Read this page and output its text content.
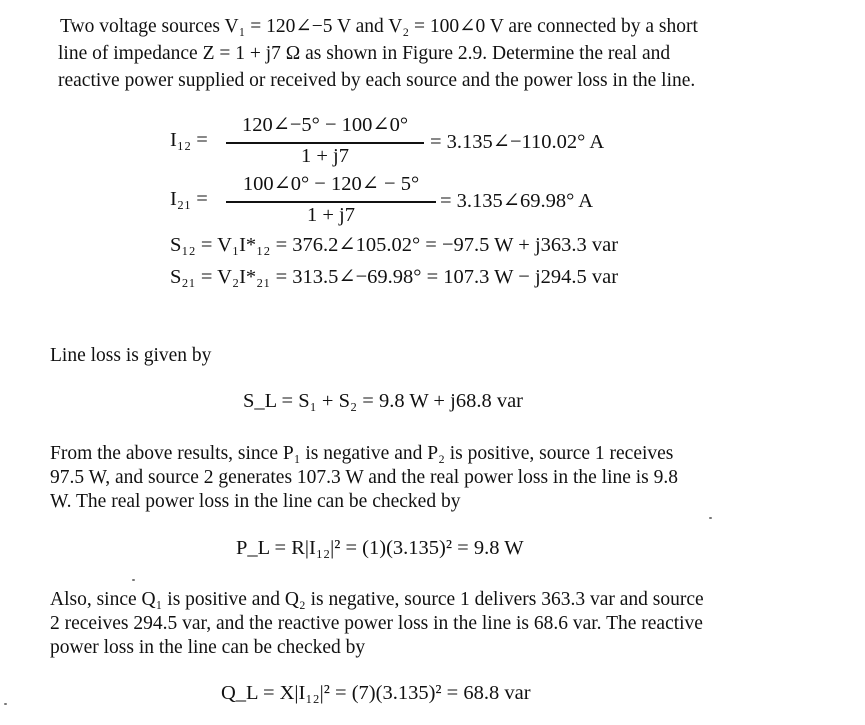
Two voltage sources V₁ = 120∠−5 V and V₂ = 100∠0 V are connected by a short
line of impedance Z = 1 + j7 Ω as shown in Figure 2.9. Determine the real and
reactive power supplied or received by each source and the power loss in the line.
I₁₂ =
120∠−5° − 100∠0°
1 + j7
= 3.135∠−110.02° A
I₂₁ =
100∠0° − 120∠ − 5°
1 + j7
= 3.135∠69.98° A
S₁₂ = V₁I*₁₂ = 376.2∠105.02° = −97.5 W + j363.3 var
S₂₁ = V₂I*₂₁ = 313.5∠−69.98° = 107.3 W − j294.5 var
Line loss is given by
S_L = S₁ + S₂ = 9.8 W + j68.8 var
From the above results, since P₁ is negative and P₂ is positive, source 1 receives
97.5 W, and source 2 generates 107.3 W and the real power loss in the line is 9.8
W. The real power loss in the line can be checked by
P_L = R|I₁₂|² = (1)(3.135)² = 9.8 W
Also, since Q₁ is positive and Q₂ is negative, source 1 delivers 363.3 var and source
2 receives 294.5 var, and the reactive power loss in the line is 68.6 var. The reactive
power loss in the line can be checked by
Q_L = X|I₁₂|² = (7)(3.135)² = 68.8 var
